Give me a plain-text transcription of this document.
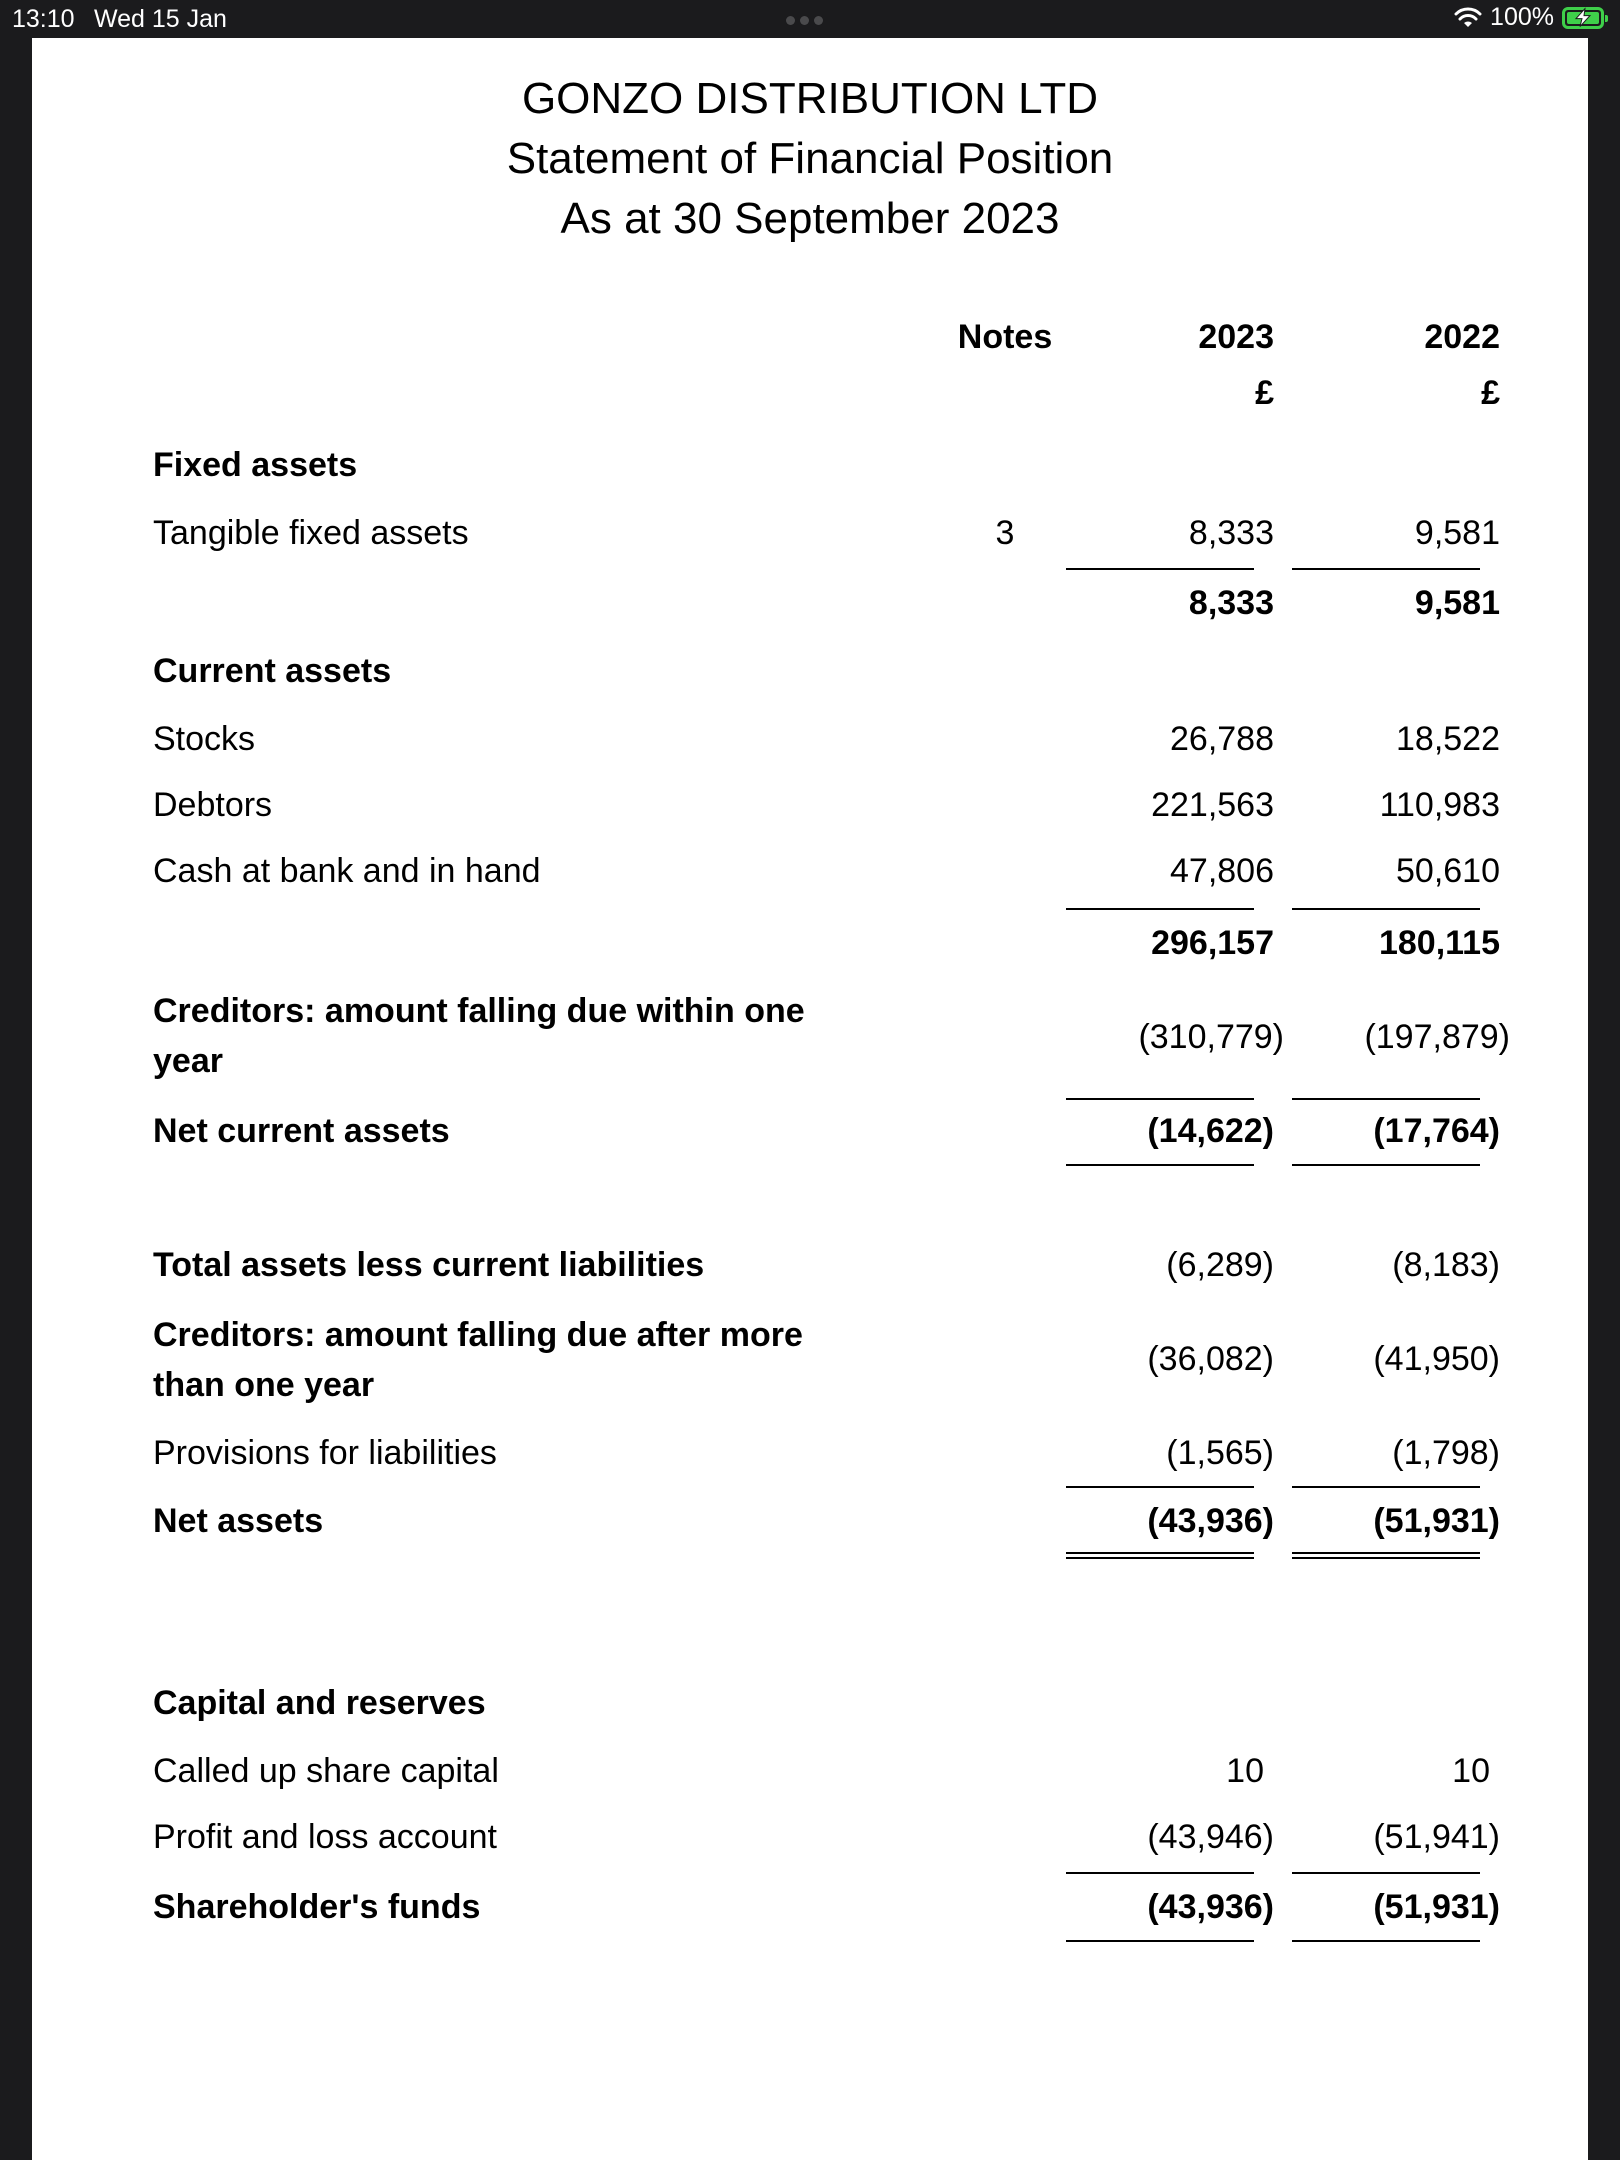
13:10 Wed 15 Jan	100%
GONZO DISTRIBUTION LTD
Statement of Financial Position
As at 30 September 2023
Notes	2023	2022
£	£
Fixed assets
Tangible fixed assets	3	8,333	9,581
8,333	9,581
Current assets
Stocks	26,788	18,522
Debtors	221,563	110,983
Cash at bank and in hand	47,806	50,610
296,157	180,115
Creditors: amount falling due within one
year
(310,779)	(197,879)
Net current assets	(14,622)	(17,764)
Total assets less current liabilities	(6,289)	(8,183)
Creditors: amount falling due after more
than one year
(36,082)	(41,950)
Provisions for liabilities	(1,565)	(1,798)
Net assets	(43,936)	(51,931)
Capital and reserves
Called up share capital	10	10
Profit and loss account	(43,946)	(51,941)
Shareholder's funds	(43,936)	(51,931)
